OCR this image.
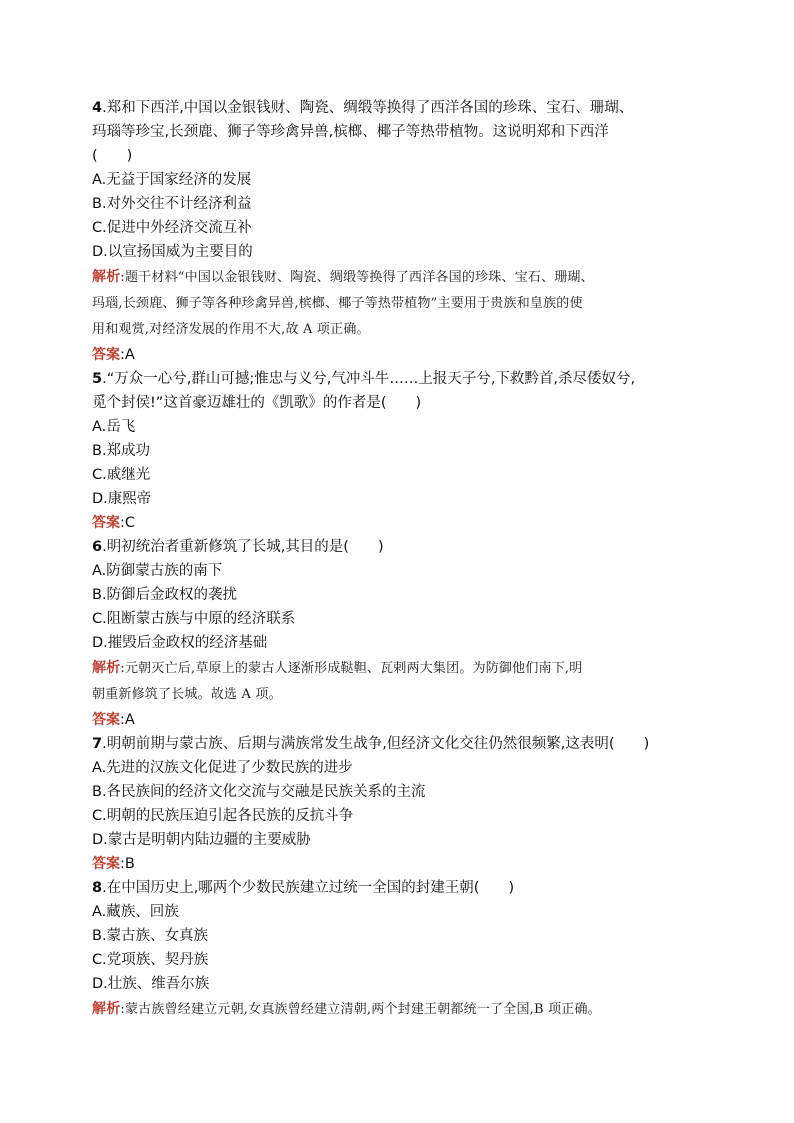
4.郑和下西洋,中国以金银钱财、陶瓷、绸缎等换得了西洋各国的珍珠、宝石、珊瑚、
玛瑙等珍宝,长颈鹿、狮子等珍禽异兽,槟榔、椰子等热带植物。这说明郑和下西洋
(　　)
A.无益于国家经济的发展
B.对外交往不计经济利益
C.促进中外经济交流互补
D.以宣扬国威为主要目的
解析:题干材料“中国以金银钱财、陶瓷、绸缎等换得了西洋各国的珍珠、宝石、珊瑚、
玛瑙,长颈鹿、狮子等各种珍禽异兽,槟榔、椰子等热带植物”主要用于贵族和皇族的使
用和观赏,对经济发展的作用不大,故 A 项正确。
答案:A
5.“万众一心兮,群山可撼;惟忠与义兮,气冲斗牛……上报天子兮,下救黔首,杀尽倭奴兮,
觅个封侯!”这首豪迈雄壮的《凯歌》的作者是(　　)
A.岳飞
B.郑成功
C.戚继光
D.康熙帝
答案:C
6.明初统治者重新修筑了长城,其目的是(　　)
A.防御蒙古族的南下
B.防御后金政权的袭扰
C.阻断蒙古族与中原的经济联系
D.摧毁后金政权的经济基础
解析:元朝灭亡后,草原上的蒙古人逐渐形成鞑靼、瓦剌两大集团。为防御他们南下,明
朝重新修筑了长城。故选 A 项。
答案:A
7.明朝前期与蒙古族、后期与满族常发生战争,但经济文化交往仍然很频繁,这表明(　　)
A.先进的汉族文化促进了少数民族的进步
B.各民族间的经济文化交流与交融是民族关系的主流
C.明朝的民族压迫引起各民族的反抗斗争
D.蒙古是明朝内陆边疆的主要威胁
答案:B
8.在中国历史上,哪两个少数民族建立过统一全国的封建王朝(　　)
A.藏族、回族
B.蒙古族、女真族
C.党项族、契丹族
D.壮族、维吾尔族
解析:蒙古族曾经建立元朝,女真族曾经建立清朝,两个封建王朝都统一了全国,B 项正确。
